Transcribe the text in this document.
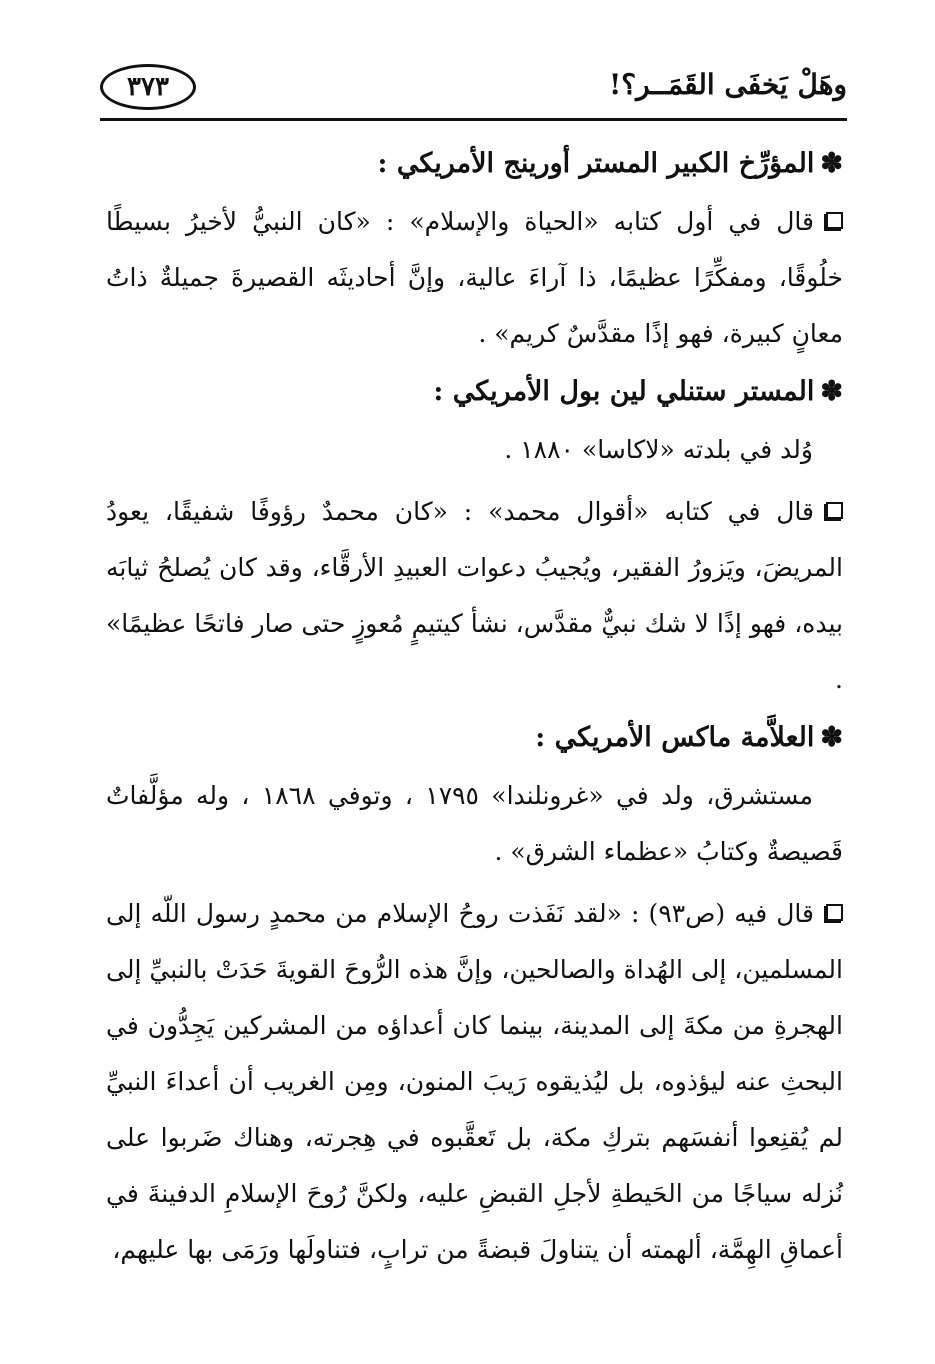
وهَلْ يَخفَى القَمَــر؟!
٣٧٣
✽المؤرِّخ الكبير المستر أورينج الأمريكي :

قال في أول كتابه «الحياة والإسلام» : «كان النبيُّ لأخيرُ بسيطًا خلُوقًا، ومفكِّرًا عظيمًا، ذا آراءَ عالية، وإنَّ أحاديثَه القصيرةَ جميلةٌ ذاتُ معانٍ كبيرة، فهو إذًا مقدَّسٌ كريم» .

✽المستر ستنلي لين بول الأمريكي :

وُلد في بلدته «لاكاسا» ١٨٨٠ .

قال في كتابه «أقوال محمد» : «كان محمدٌ رؤوفًا شفيقًا، يعودُ المريضَ، ويَزورُ الفقير، ويُجيبُ دعوات العبيدِ الأرقَّاء، وقد كان يُصلحُ ثيابَه بيده، فهو إذًا لا شك نبيٌّ مقدَّس، نشأ كيتيمٍ مُعوزٍ حتى صار فاتحًا عظيمًا» .

✽العلاَّمة ماكس الأمريكي :

مستشرق، ولد في «غرونلندا» ١٧٩٥ ، وتوفي ١٨٦٨ ، وله مؤلَّفاتٌ قَصيصةٌ وكتابُ «عظماء الشرق» .

قال فيه (ص٩٣) : «لقد نَفَذت روحُ الإسلام من محمدٍ رسول اللّه إلى المسلمين، إلى الهُداة والصالحين، وإنَّ هذه الرُّوحَ القويةَ حَدَتْ بالنبيِّ إلى الهجرةِ من مكةَ إلى المدينة، بينما كان أعداؤه من المشركين يَجِدُّون في البحثِ عنه ليؤذوه، بل ليُذيقوه رَيبَ المنون، ومِن الغريب أن أعداءَ النبيِّ لم يُقنِعوا أنفسَهم بتركِ مكة، بل تَعقَّبوه في هِجرته، وهناك ضَربوا على نُزله سياجًا من الحَيطةِ لأجلِ القبضِ عليه، ولكنَّ رُوحَ الإسلامِ الدفينةَ في أعماقِ الهِمَّة، ألهمته أن يتناولَ قبضةً من ترابٍ، فتناولَها ورَمَى بها عليهم،
